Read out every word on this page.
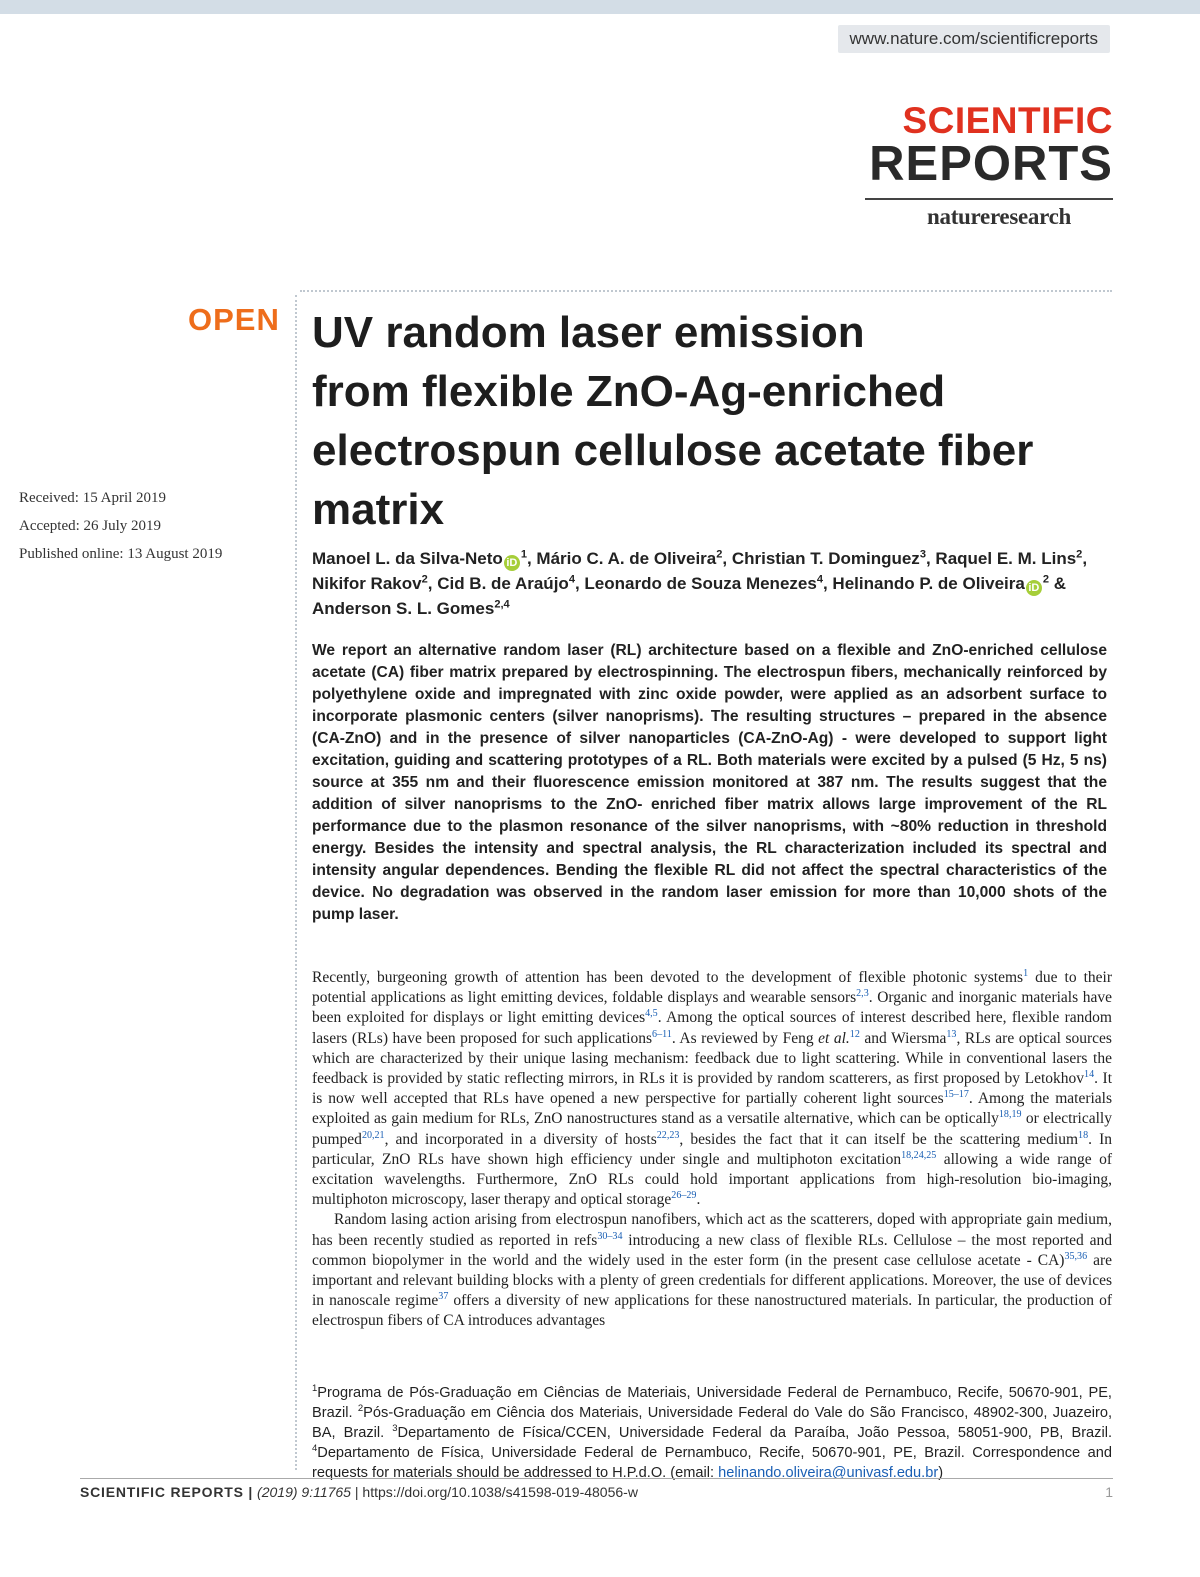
www.nature.com/scientificreports
SCIENTIFIC
REPORTS
natureresearch
OPEN
Received: 15 April 2019
Accepted: 26 July 2019
Published online: 13 August 2019
UV random laser emission
from flexible ZnO-Ag-enriched
electrospun cellulose acetate fiber
matrix
Manoel L. da Silva-Neto $iD^1$, Mário C. A. de Oliveira$^2$, Christian T. Dominguez$^3$, Raquel E. M. Lins$^2$, Nikifor Rakov$^2$, Cid B. de Araújo$^4$, Leonardo de Souza Menezes$^4$, Helinando P. de Oliveira $iD^2$ & Anderson S. L. Gomes$^{2,4}$

We report an alternative random laser (RL) architecture based on a flexible and ZnO-enriched cellulose acetate (CA) fiber matrix prepared by electrospinning. The electrospun fibers, mechanically reinforced by polyethylene oxide and impregnated with zinc oxide powder, were applied as an adsorbent surface to incorporate plasmonic centers (silver nanoprisms). The resulting structures – prepared in the absence (CA-ZnO) and in the presence of silver nanoparticles (CA-ZnO-Ag) - were developed to support light excitation, guiding and scattering prototypes of a RL. Both materials were excited by a pulsed (5 Hz, 5 ns) source at 355 nm and their fluorescence emission monitored at 387 nm. The results suggest that the addition of silver nanoprisms to the ZnO- enriched fiber matrix allows large improvement of the RL performance due to the plasmon resonance of the silver nanoprisms, with ~80% reduction in threshold energy. Besides the intensity and spectral analysis, the RL characterization included its spectral and intensity angular dependences. Bending the flexible RL did not affect the spectral characteristics of the device. No degradation was observed in the random laser emission for more than 10,000 shots of the pump laser.

Recently, burgeoning growth of attention has been devoted to the development of flexible photonic systems$^1$ due to their potential applications as light emitting devices, foldable displays and wearable sensors$^{2,3}$. Organic and inorganic materials have been exploited for displays or light emitting devices$^{4,5}$. Among the optical sources of interest described here, flexible random lasers (RLs) have been proposed for such applications$^{6-11}$. As reviewed by Feng et al.$^{12}$ and Wiersma$^{13}$, RLs are optical sources which are characterized by their unique lasing mechanism: feedback due to light scattering. While in conventional lasers the feedback is provided by static reflecting mirrors, in RLs it is provided by random scatterers, as first proposed by Letokhov$^{14}$. It is now well accepted that RLs have opened a new perspective for partially coherent light sources$^{15-17}$. Among the materials exploited as gain medium for RLs, ZnO nanostructures stand as a versatile alternative, which can be optically$^{18,19}$ or electrically pumped$^{20,21}$, and incorporated in a diversity of hosts$^{22,23}$, besides the fact that it can itself be the scattering medium$^{18}$. In particular, ZnO RLs have shown high efficiency under single and multiphoton excitation$^{18,24,25}$ allowing a wide range of excitation wavelengths. Furthermore, ZnO RLs could hold important applications from high-resolution bio-imaging, multiphoton microscopy, laser therapy and optical storage$^{26-29}$.

Random lasing action arising from electrospun nanofibers, which act as the scatterers, doped with appropriate gain medium, has been recently studied as reported in refs$^{30-34}$ introducing a new class of flexible RLs. Cellulose – the most reported and common biopolymer in the world and the widely used in the ester form (in the present case cellulose acetate - CA)$^{35,36}$ are important and relevant building blocks with a plenty of green credentials for different applications. Moreover, the use of devices in nanoscale regime$^{37}$ offers a diversity of new applications for these nanostructured materials. In particular, the production of electrospun fibers of CA introduces advantages

$^1$Programa de Pós-Graduação em Ciências de Materiais, Universidade Federal de Pernambuco, Recife, 50670-901, PE, Brazil. $^2$Pós-Graduação em Ciência dos Materiais, Universidade Federal do Vale do São Francisco, 48902-300, Juazeiro, BA, Brazil. $^3$Departamento de Física/CCEN, Universidade Federal da Paraíba, João Pessoa, 58051-900, PB, Brazil. $^4$Departamento de Física, Universidade Federal de Pernambuco, Recife, 50670-901, PE, Brazil. Correspondence and requests for materials should be addressed to H.P.d.O. (email: helinando.oliveira@univasf.edu.br)

SCIENTIFIC REPORTS | (2019) 9:11765 | https://doi.org/10.1038/s41598-019-48056-w	1
